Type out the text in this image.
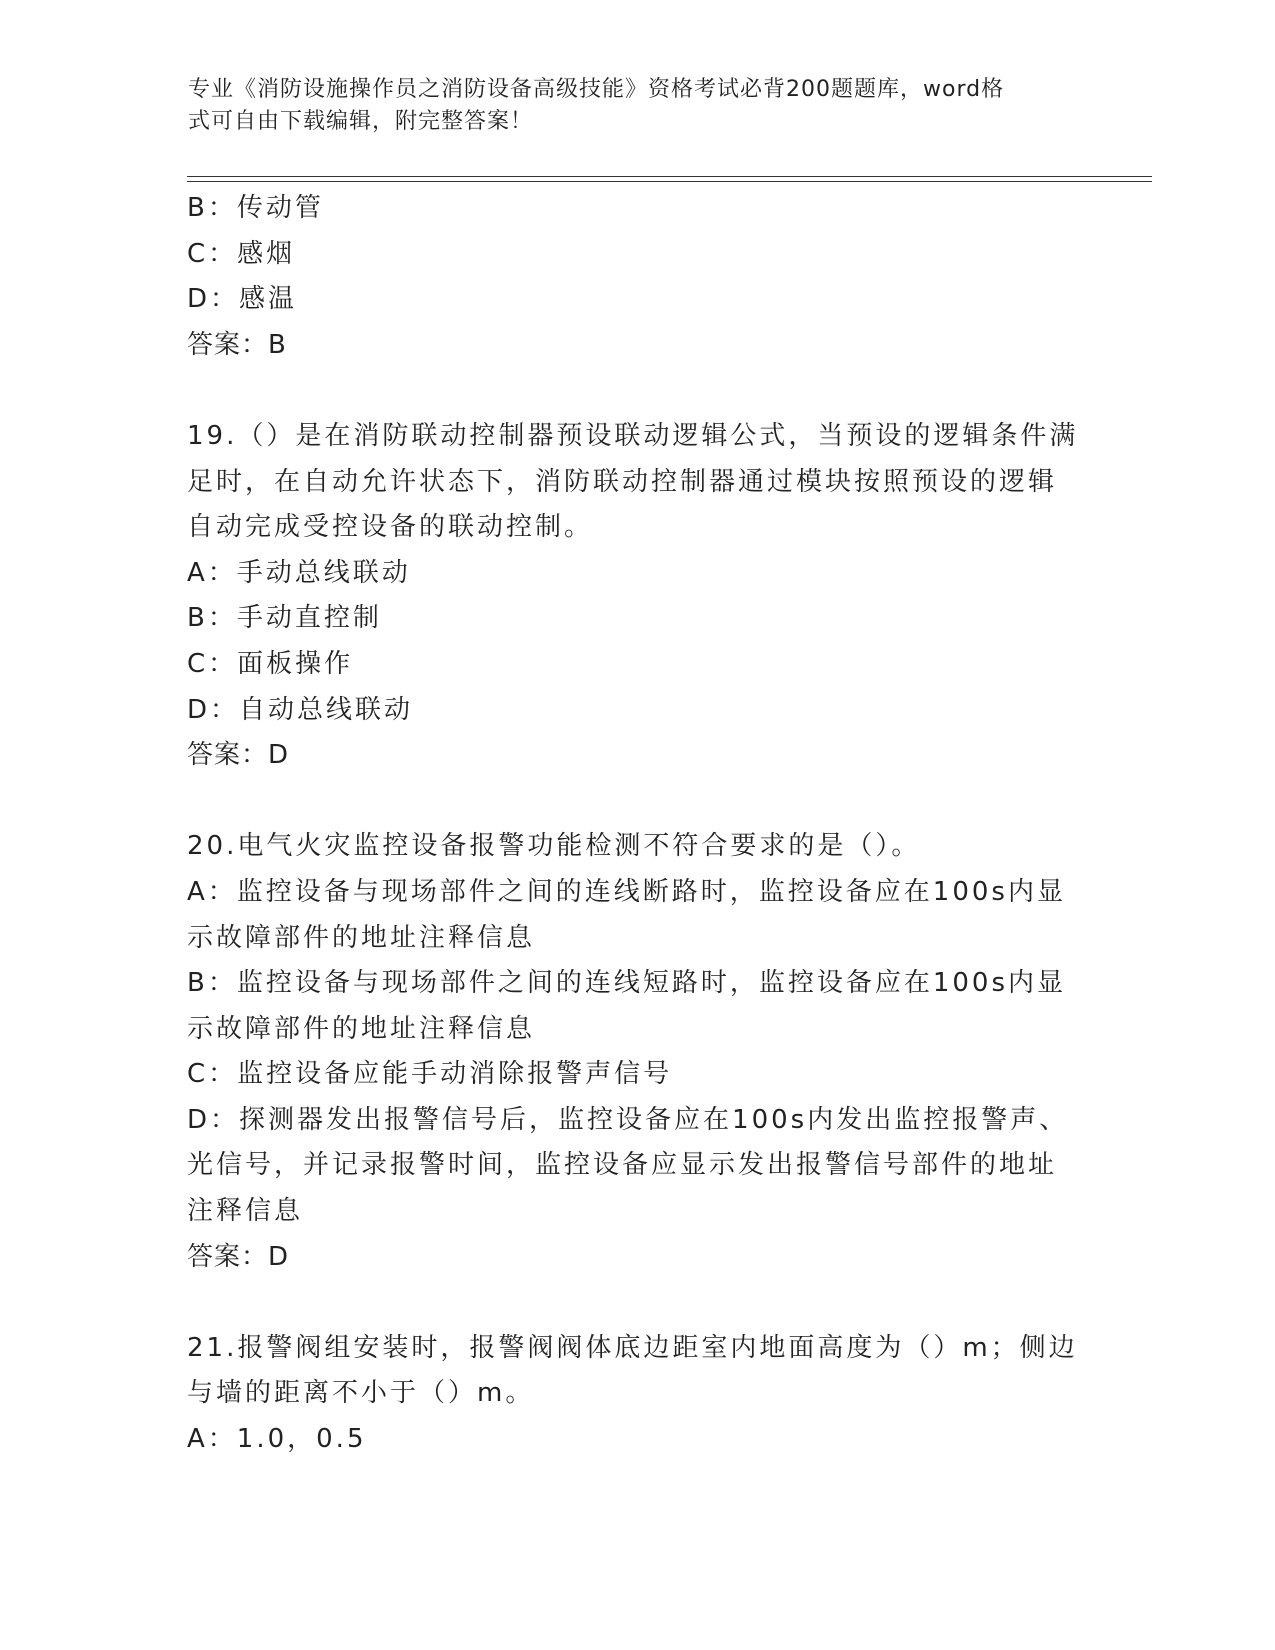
专业《消防设施操作员之消防设备高级技能》资格考试必背200题题库，word格
式可自由下载编辑，附完整答案！
B：传动管
C：感烟
D：感温
答案：B
19.（）是在消防联动控制器预设联动逻辑公式，当预设的逻辑条件满
足时，在自动允许状态下，消防联动控制器通过模块按照预设的逻辑
自动完成受控设备的联动控制。
A：手动总线联动
B：手动直控制
C：面板操作
D：自动总线联动
答案：D
20.电气火灾监控设备报警功能检测不符合要求的是（）。
A：监控设备与现场部件之间的连线断路时，监控设备应在100s内显
示故障部件的地址注释信息
B：监控设备与现场部件之间的连线短路时，监控设备应在100s内显
示故障部件的地址注释信息
C：监控设备应能手动消除报警声信号
D：探测器发出报警信号后，监控设备应在100s内发出监控报警声、
光信号，并记录报警时间，监控设备应显示发出报警信号部件的地址
注释信息
答案：D
21.报警阀组安装时，报警阀阀体底边距室内地面高度为（）m；侧边
与墙的距离不小于（）m。
A：1.0，0.5
